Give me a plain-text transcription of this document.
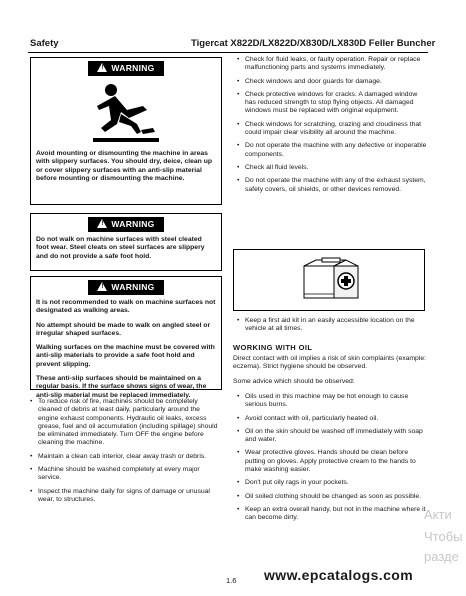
Safety	Tigercat X822D/LX822D/X830D/LX830D Feller Buncher
! WARNING

Avoid mounting or dismounting the machine in areas with slippery surfaces. You should dry, deice, clean up or cover slippery surfaces with an anti-slip material before mounting or dismounting the machine.

! WARNING

Do not walk on machine surfaces with steel cleated foot wear. Steel cleats on steel surfaces are slippery and do not provide a safe foot hold.

! WARNING

It is not recommended to walk on machine surfaces not designated as walking areas.

No attempt should be made to walk on angled steel or irregular shaped surfaces.

Walking surfaces on the machine must be covered with anti-slip materials to provide a safe foot hold and prevent slipping.

These anti-slip surfaces should be maintained on a regular basis. If the surface shows signs of wear, the anti-slip material must be replaced immediately.

• To reduce risk of fire, machines should be completely cleaned of debris at least daily, particularly around the engine exhaust components. Hydraulic oil leaks, excess grease, fuel and oil accumulation (including spillage) should be eliminated immediately. Turn OFF the engine before cleaning the machine.
• Maintain a clean cab interior, clear away trash or debris.
• Machine should be washed completely at every major service.
• Inspect the machine daily for signs of damage or unusual wear, to structures.
• Check for fluid leaks, or faulty operation. Repair or replace malfunctioning parts and systems immediately.
• Check windows and door guards for damage.
• Check protective windows for cracks. A damaged window has reduced strength to stop flying objects. All damaged windows must be replaced with original equipment.
• Check windows for scratching, crazing and cloudiness that could impair clear visibility all around the machine.
• Do not operate the machine with any defective or inoperable components.
• Check all fluid levels.
• Do not operate the machine with any of the exhaust system, safety covers, oil shields, or other devices removed.
• Keep a first aid kit in an easily accessible location on the vehicle at all times.
WORKING WITH OIL
Direct contact with oil implies a risk of skin complaints (example: eczema). Strict hygiene should be observed.
Some advice which should be observed:
• Oils used in this machine may be hot enough to cause serious burns.
• Avoid contact with oil, particularly heated oil.
• Oil on the skin should be washed off immediately with soap and water.
• Wear protective gloves. Hands should be clean before putting on gloves. Apply protective cream to the hands to make washing easier.
• Don't put oily rags in your pockets.
• Oil soiled clothing should be changed as soon as possible.
• Keep an extra overall handy, but not in the machine where it can become dirty.
1.6 www.epcatalogs.com
Акти
Чтобы
разде
